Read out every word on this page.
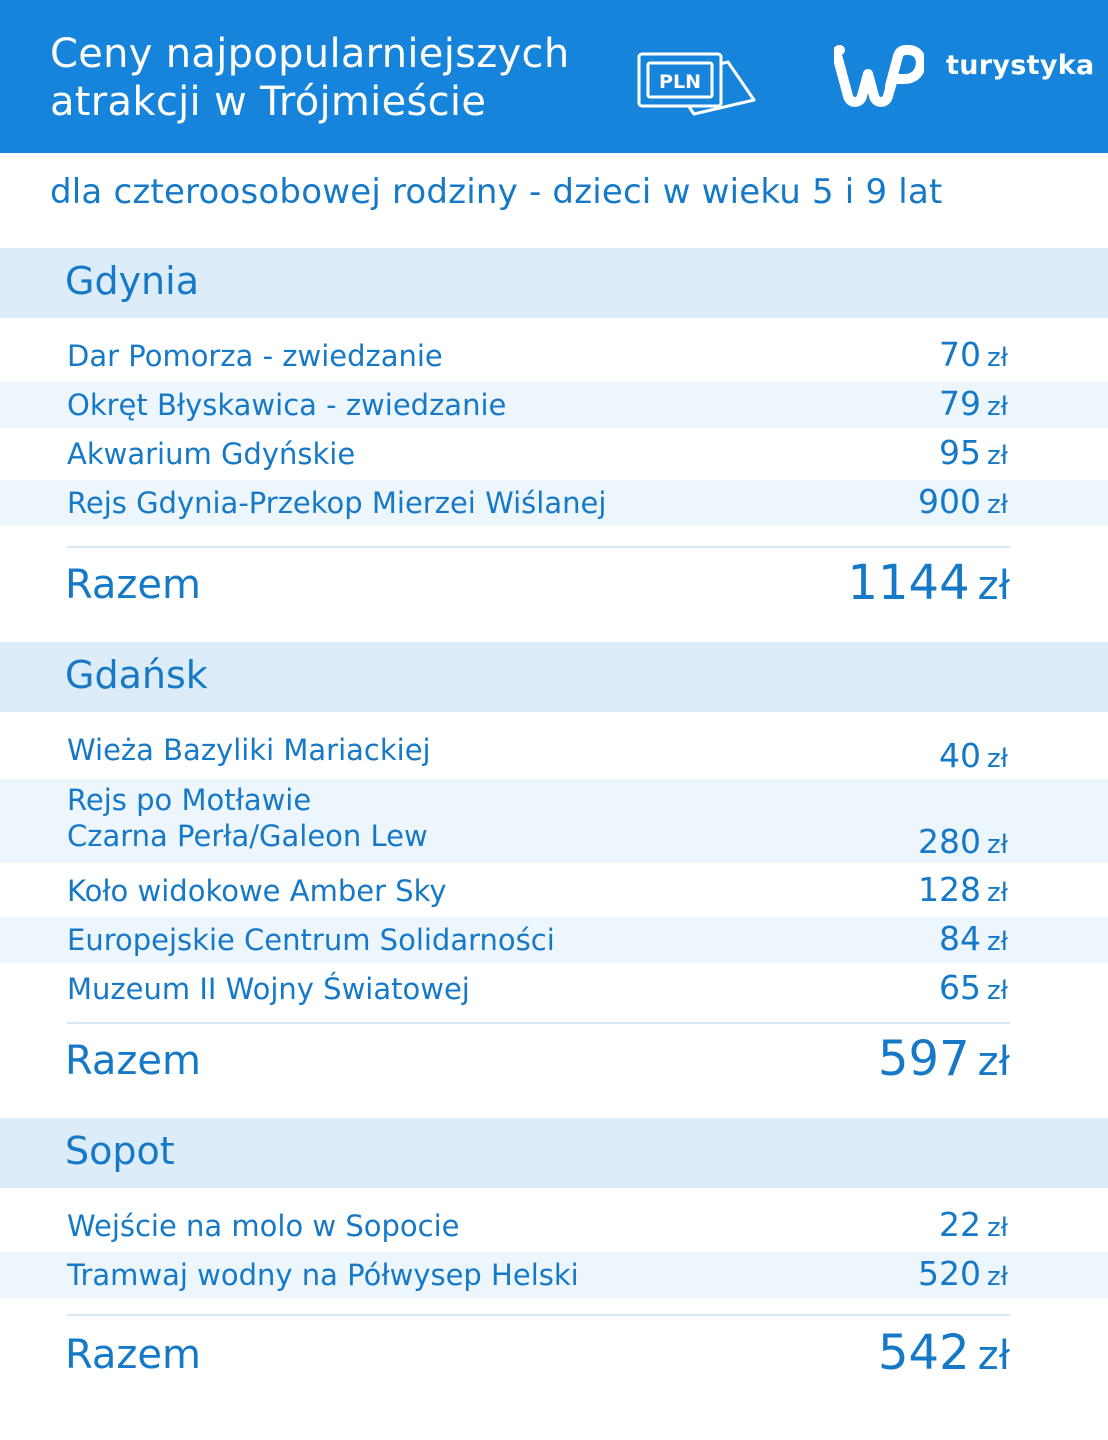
Ceny najpopularniejszych
atrakcji w Trójmieście	PLN
turystyka
dla czteroosobowej rodziny - dzieci w wieku 5 i 9 lat
Gdynia
Dar Pomorza - zwiedzanie	70 zł
Okręt Błyskawica - zwiedzanie	79 zł
Akwarium Gdyńskie	95 zł
Rejs Gdynia-Przekop Mierzei Wiślanej	900 zł
Razem	1144 zł
Gdańsk
Wieża Bazyliki Mariackiej	40 zł
Rejs po Motławie
Czarna Perła/Galeon Lew	280 zł
Koło widokowe Amber Sky	128 zł
Europejskie Centrum Solidarności	84 zł
Muzeum II Wojny Światowej	65 zł
Razem	597 zł
Sopot
Wejście na molo w Sopocie	22 zł
Tramwaj wodny na Półwysep Helski	520 zł
Razem	542 zł
